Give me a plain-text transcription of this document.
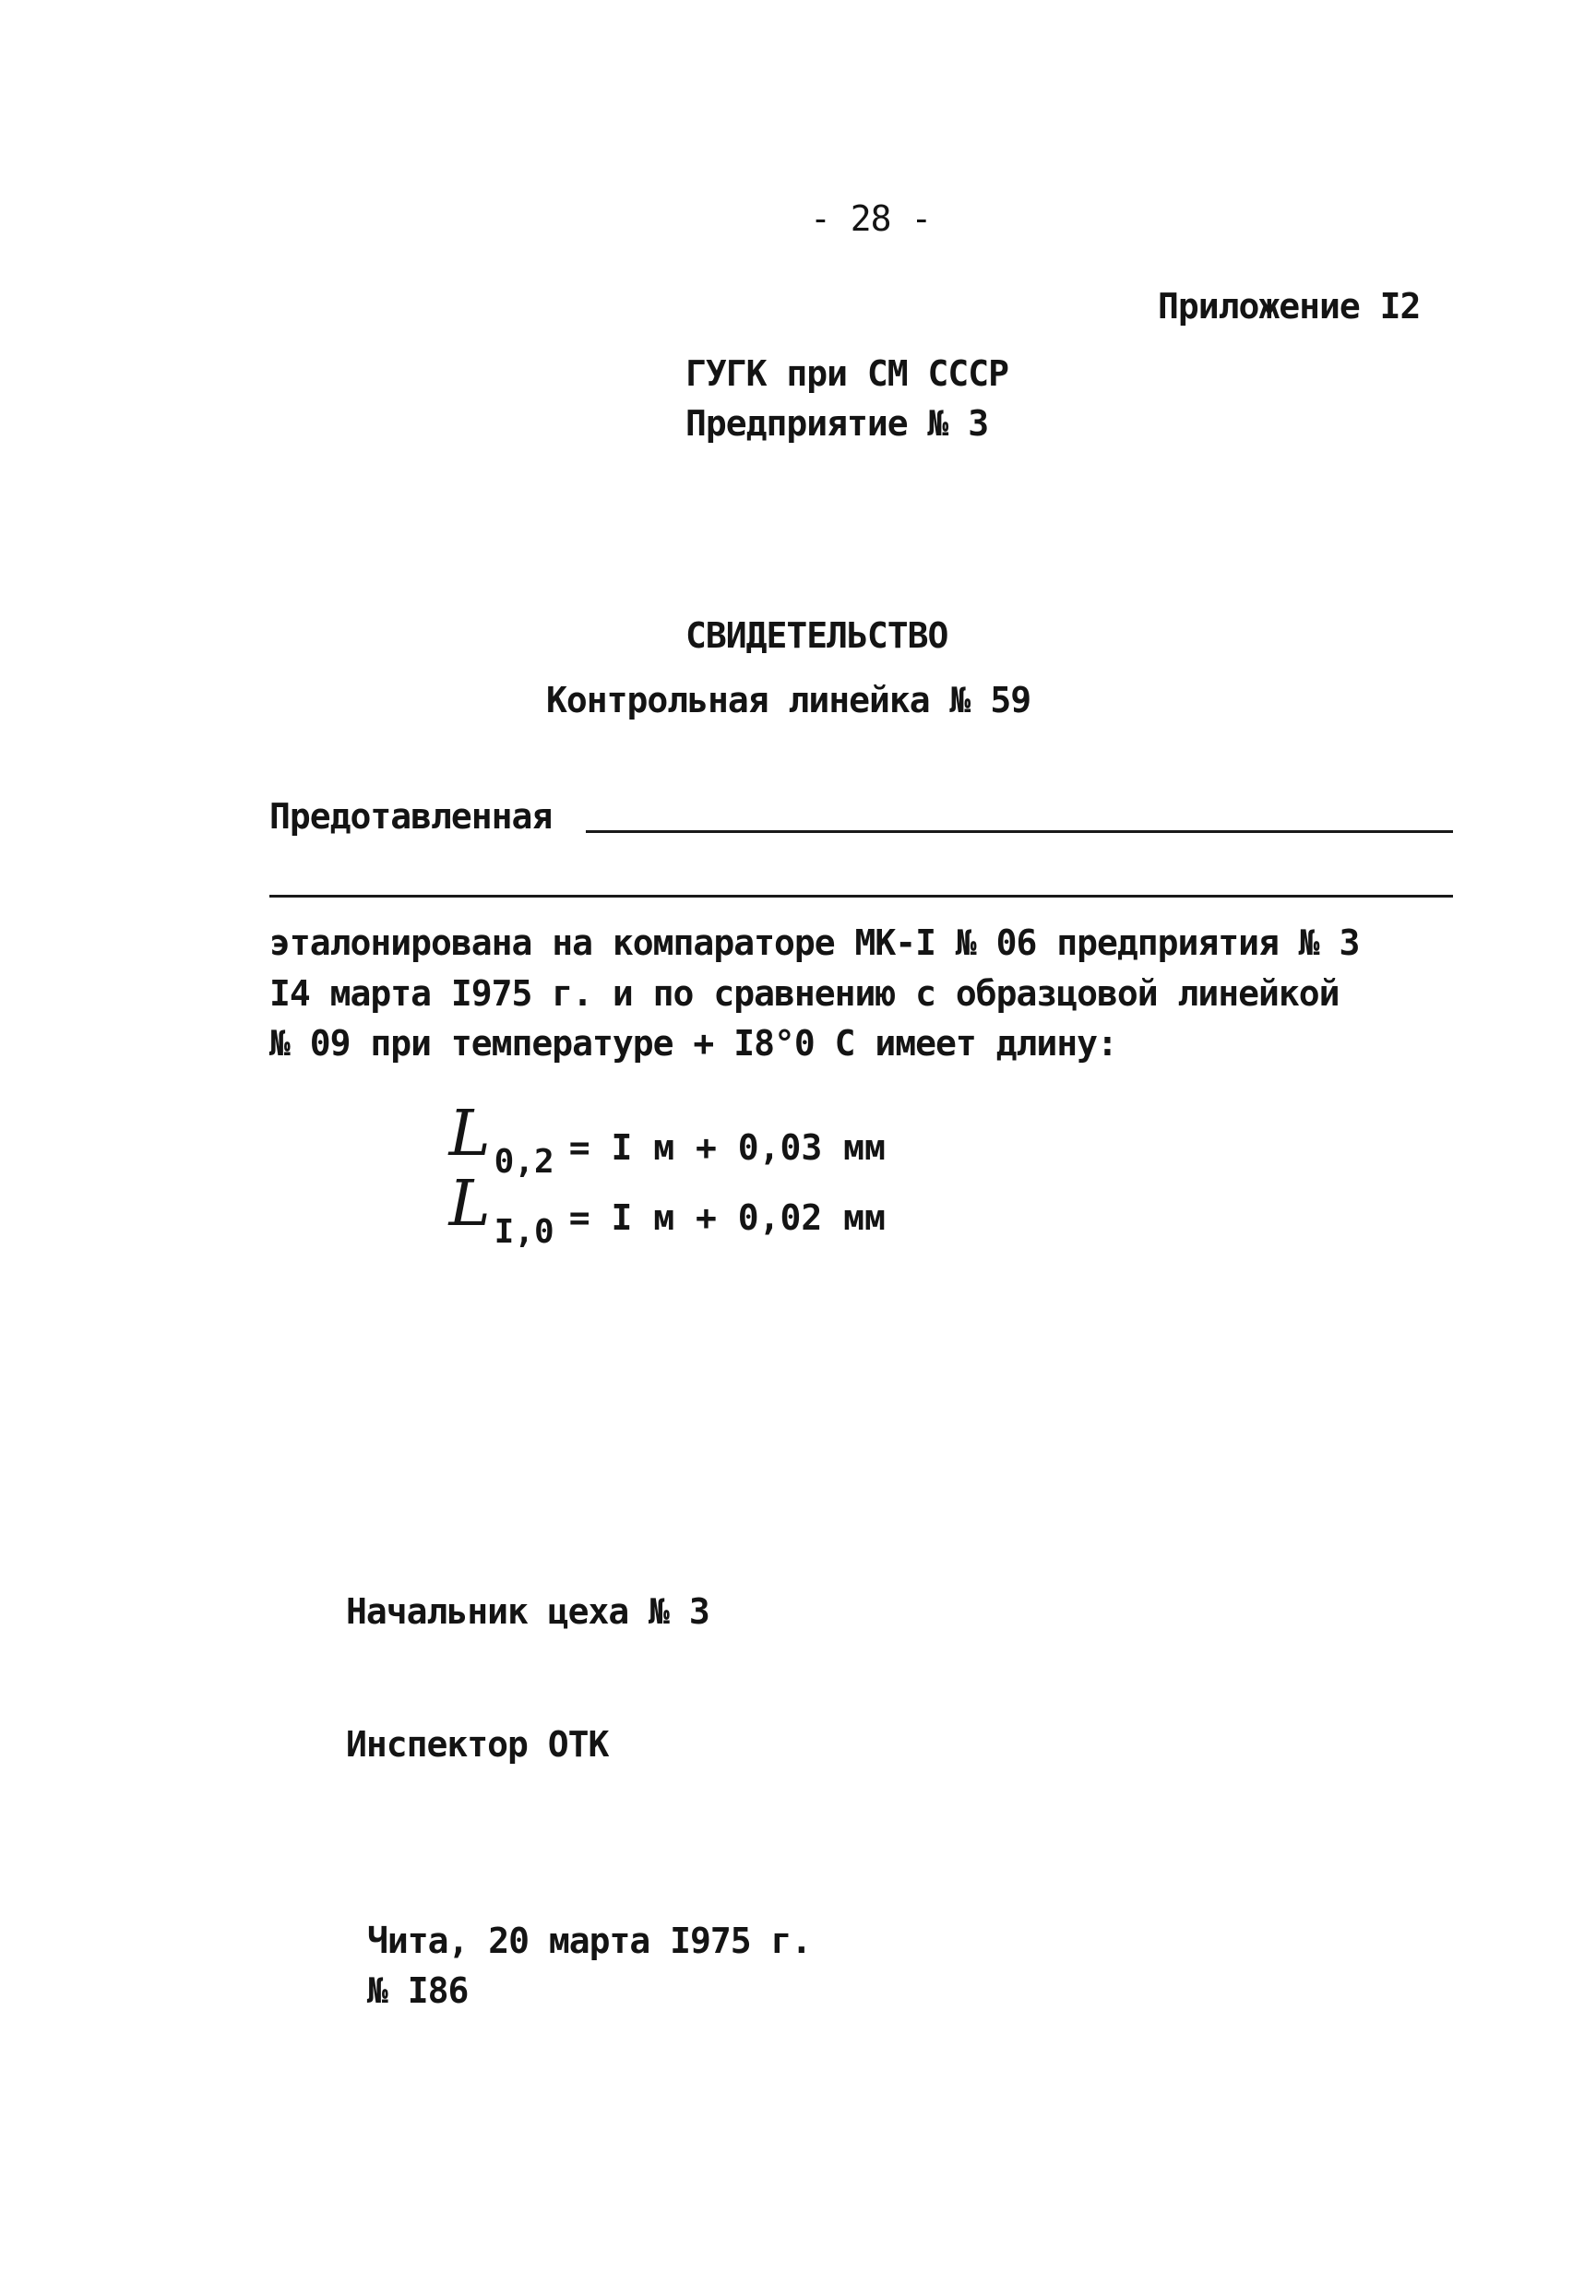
- 28 -
Приложение I2
ГУГК при СМ СССР
Предприятие № 3
СВИДЕТЕЛЬСТВО
Контрольная линейка № 59
Предотавленная
эталонирована на компараторе МК-I № 06 предприятия № 3
I4 марта I975 г. и по сравнению с образцовой линейкой
№ 09 при температуре + I8°0 С имеет длину:

L 0,2 = I м + 0,03 мм

L I,0 = I м + 0,02 мм

Начальник цеха № 3
Инспектор ОТК
Чита, 20 марта I975 г.
№ I86
